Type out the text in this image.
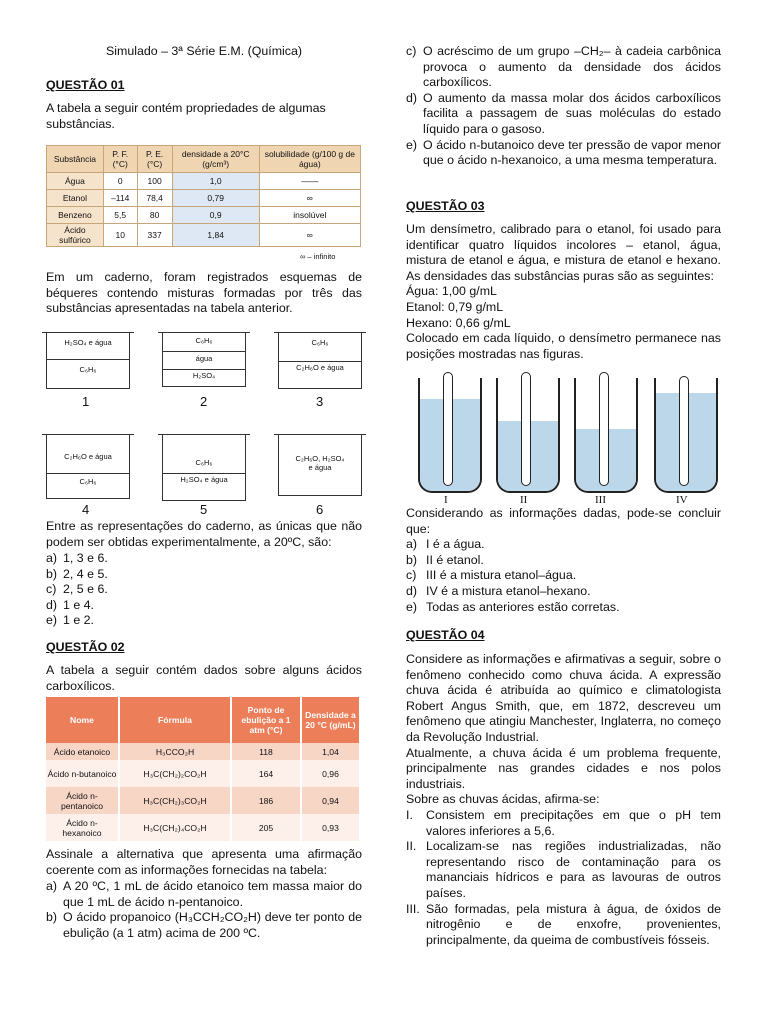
Simulado – 3ª Série E.M. (Química)

QUESTÃO 01

A tabela a seguir contém propriedades de algumas substâncias.

Substância	P. F. (°C)	P. E. (°C)	densidade a 20°C (g/cm³)	solubilidade (g/100 g de água)
Água	0	100	1,0	——
Etanol	–114	78,4	0,79	∞
Benzeno	5,5	80	0,9	insolúvel
Ácido sulfúrico	10	337	1,84	∞
∞ – infinito

Em um caderno, foram registrados esquemas de béqueres contendo misturas formadas por três das substâncias apresentadas na tabela anterior.

H₂SO₄ e água
C₆H₆
1
C₆H₆
água
H₂SO₄
2
C₆H₆
C₂H₆O e água
3
C₂H₆O e água
C₆H₆
4
C₆H₆
H₂SO₄ e água
5
C₂H₆O, H₂SO₄ e água
6

Entre as representações do caderno, as únicas que não podem ser obtidas experimentalmente, a 20ºC, são:

a) 1, 3 e 6.
b) 2, 4 e 5.
c) 2, 5 e 6.
d) 1 e 4.
e) 1 e 2.

QUESTÃO 02

A tabela a seguir contém dados sobre alguns ácidos carboxílicos.

Nome	Fórmula	Ponto de ebulição a 1 atm (°C)	Densidade a 20 °C (g/mL)
Ácido etanoico	H₃CCO₂H	118	1,04
Ácido n-butanoico	H₃C(CH₂)₂CO₂H	164	0,96
Ácido n-pentanoico	H₃C(CH₂)₃CO₂H	186	0,94
Ácido n-hexanoico	H₃C(CH₂)₄CO₂H	205	0,93

Assinale a alternativa que apresenta uma afirmação coerente com as informações fornecidas na tabela:

a) A 20 ºC, 1 mL de ácido etanoico tem massa maior do que 1 mL de ácido n-pentanoico.
b) O ácido propanoico (H₃CCH₂CO₂H) deve ter ponto de ebulição (a 1 atm) acima de 200 ºC.
c) O acréscimo de um grupo –CH₂– à cadeia carbônica provoca o aumento da densidade dos ácidos carboxílicos.
d) O aumento da massa molar dos ácidos carboxílicos facilita a passagem de suas moléculas do estado líquido para o gasoso.
e) O ácido n-butanoico deve ter pressão de vapor menor que o ácido n-hexanoico, a uma mesma temperatura.

QUESTÃO 03

Um densímetro, calibrado para o etanol, foi usado para identificar quatro líquidos incolores – etanol, água, mistura de etanol e água, e mistura de etanol e hexano. As densidades das substâncias puras são as seguintes:

Água: 1,00 g/mL

Etanol: 0,79 g/mL

Hexano: 0,66 g/mL

Colocado em cada líquido, o densímetro permanece nas posições mostradas nas figuras.

I	II	III	IV

Considerando as informações dadas, pode-se concluir que:

a) I é a água.
b) II é etanol.
c) III é a mistura etanol–água.
d) IV é a mistura etanol–hexano.
e) Todas as anteriores estão corretas.

QUESTÃO 04

Considere as informações e afirmativas a seguir, sobre o fenômeno conhecido como chuva ácida. A expressão chuva ácida é atribuída ao químico e climatologista Robert Angus Smith, que, em 1872, descreveu um fenômeno que atingiu Manchester, Inglaterra, no começo da Revolução Industrial.

Atualmente, a chuva ácida é um problema frequente, principalmente nas grandes cidades e nos polos industriais.

Sobre as chuvas ácidas, afirma-se:

I.	Consistem em precipitações em que o pH tem valores inferiores a 5,6.
II. Localizam-se nas regiões industrializadas, não representando risco de contaminação para os mananciais hídricos e para as lavouras de outros países.
III. São formadas, pela mistura à água, de óxidos de nitrogênio e de enxofre, provenientes, principalmente, da queima de combustíveis fósseis.
